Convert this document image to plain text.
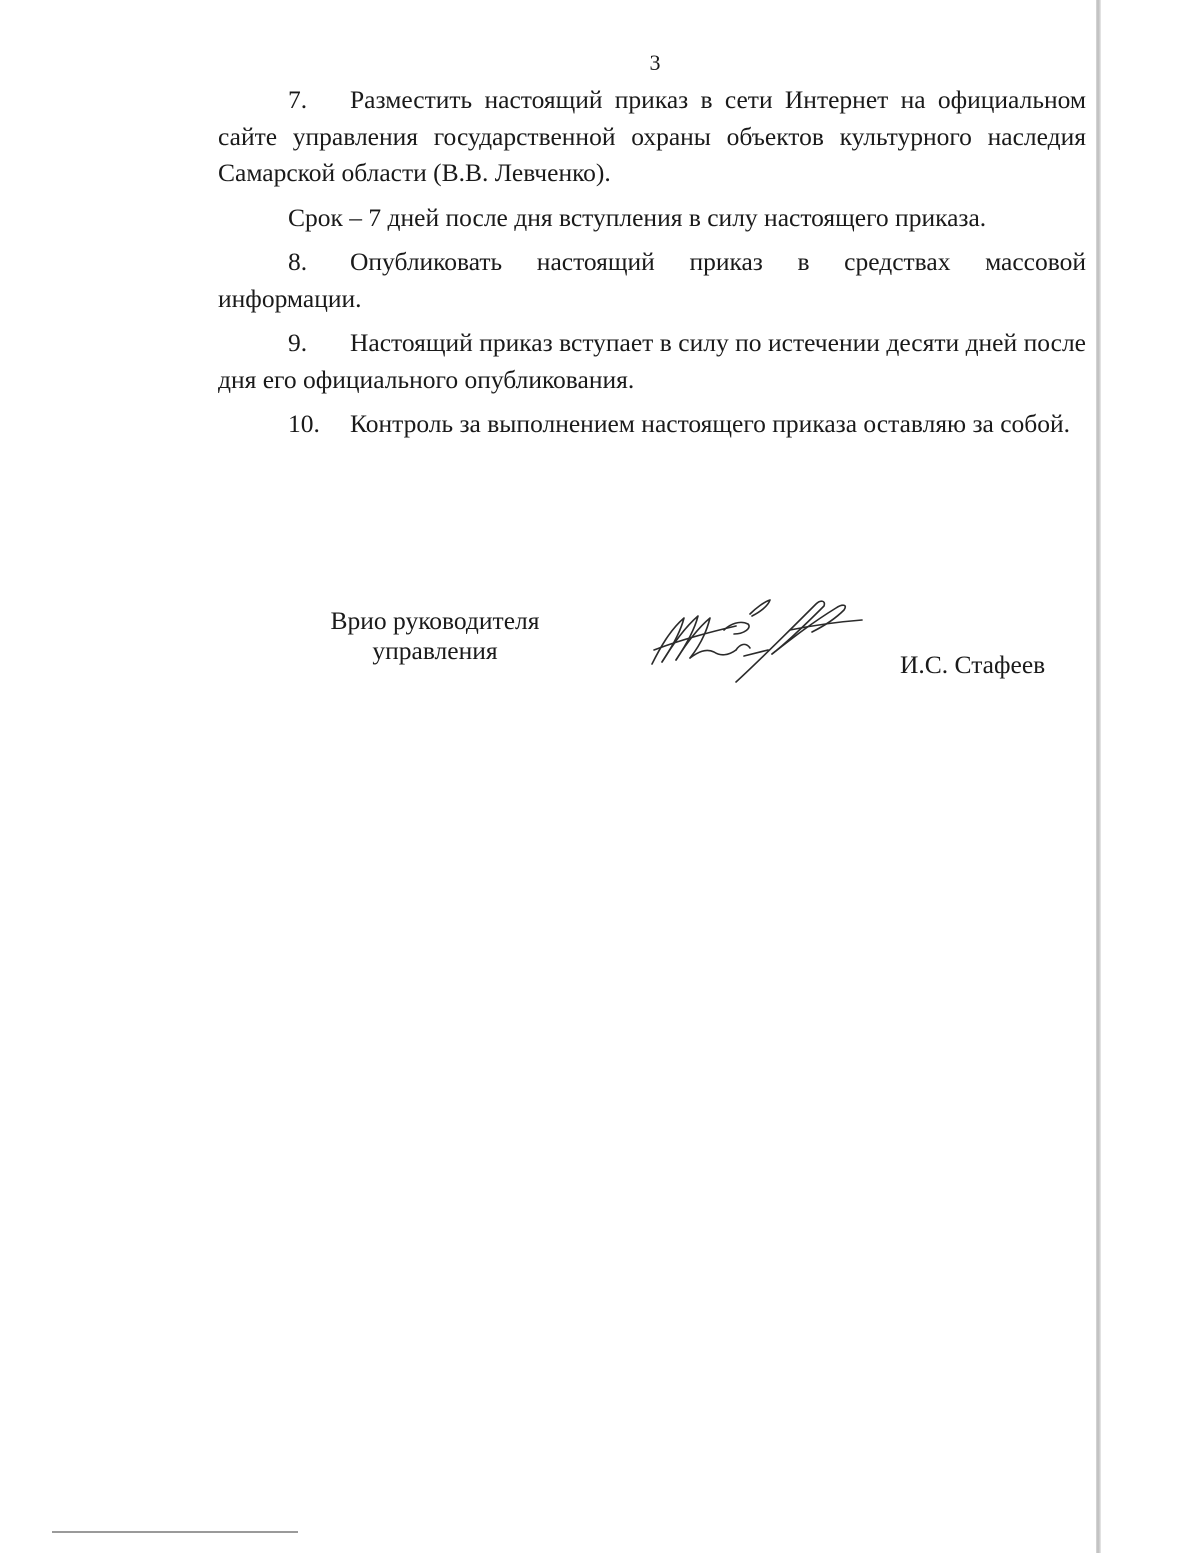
3

7. Разместить настоящий приказ в сети Интернет на официальном сайте управления государственной охраны объектов культурного наследия Самарской области (В.В. Левченко).

Срок – 7 дней после дня вступления в силу настоящего приказа.

8. Опубликовать настоящий приказ в средствах массовой информации.

9. Настоящий приказ вступает в силу по истечении десяти дней после дня его официального опубликования.

10. Контроль за выполнением настоящего приказа оставляю за собой.

Врио руководителя
управления	И.С. Стафеев
